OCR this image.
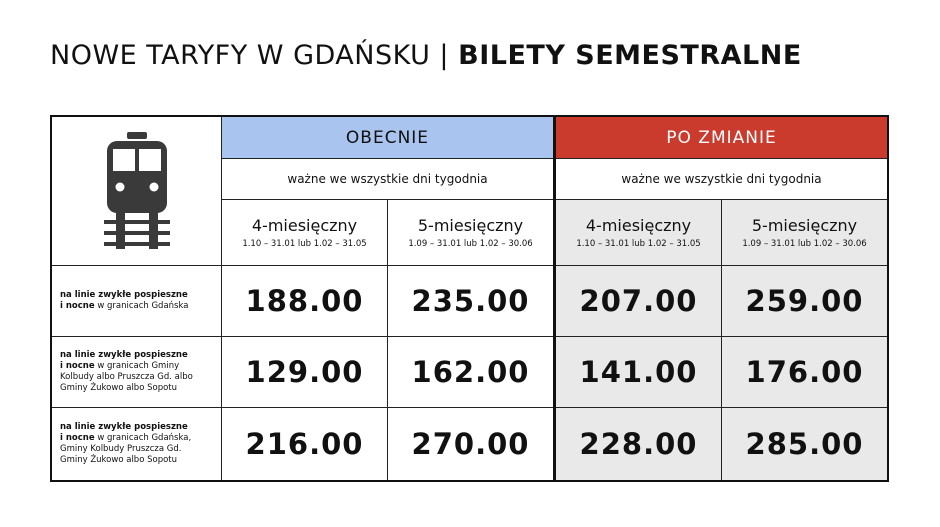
NOWE TARYFY W GDAŃSKU | BILETY SEMESTRALNE
OBECNIE
ważne we wszystkie dni tygodnia
PO ZMIANIE
ważne we wszystkie dni tygodnia
4-miesięczny
1.10 – 31.01 lub 1.02 – 31.05
5-miesięczny
1.09 – 31.01 lub 1.02 – 30.06
4-miesięczny
1.10 – 31.01 lub 1.02 – 31.05
5-miesięczny
1.09 – 31.01 lub 1.02 – 30.06
na linie zwykłe pospieszne
i nocne w granicach Gdańska 188.00 235.00 207.00 259.00
na linie zwykłe pospieszne
i nocne w granicach Gminy
Kolbudy albo Pruszcza Gd. albo
Gminy Żukowo albo Sopotu 129.00 162.00 141.00 176.00
na linie zwykłe pospieszne
i nocne w granicach Gdańska,
Gminy Kolbudy Pruszcza Gd.
Gminy Żukowo albo Sopotu 216.00 270.00 228.00 285.00
